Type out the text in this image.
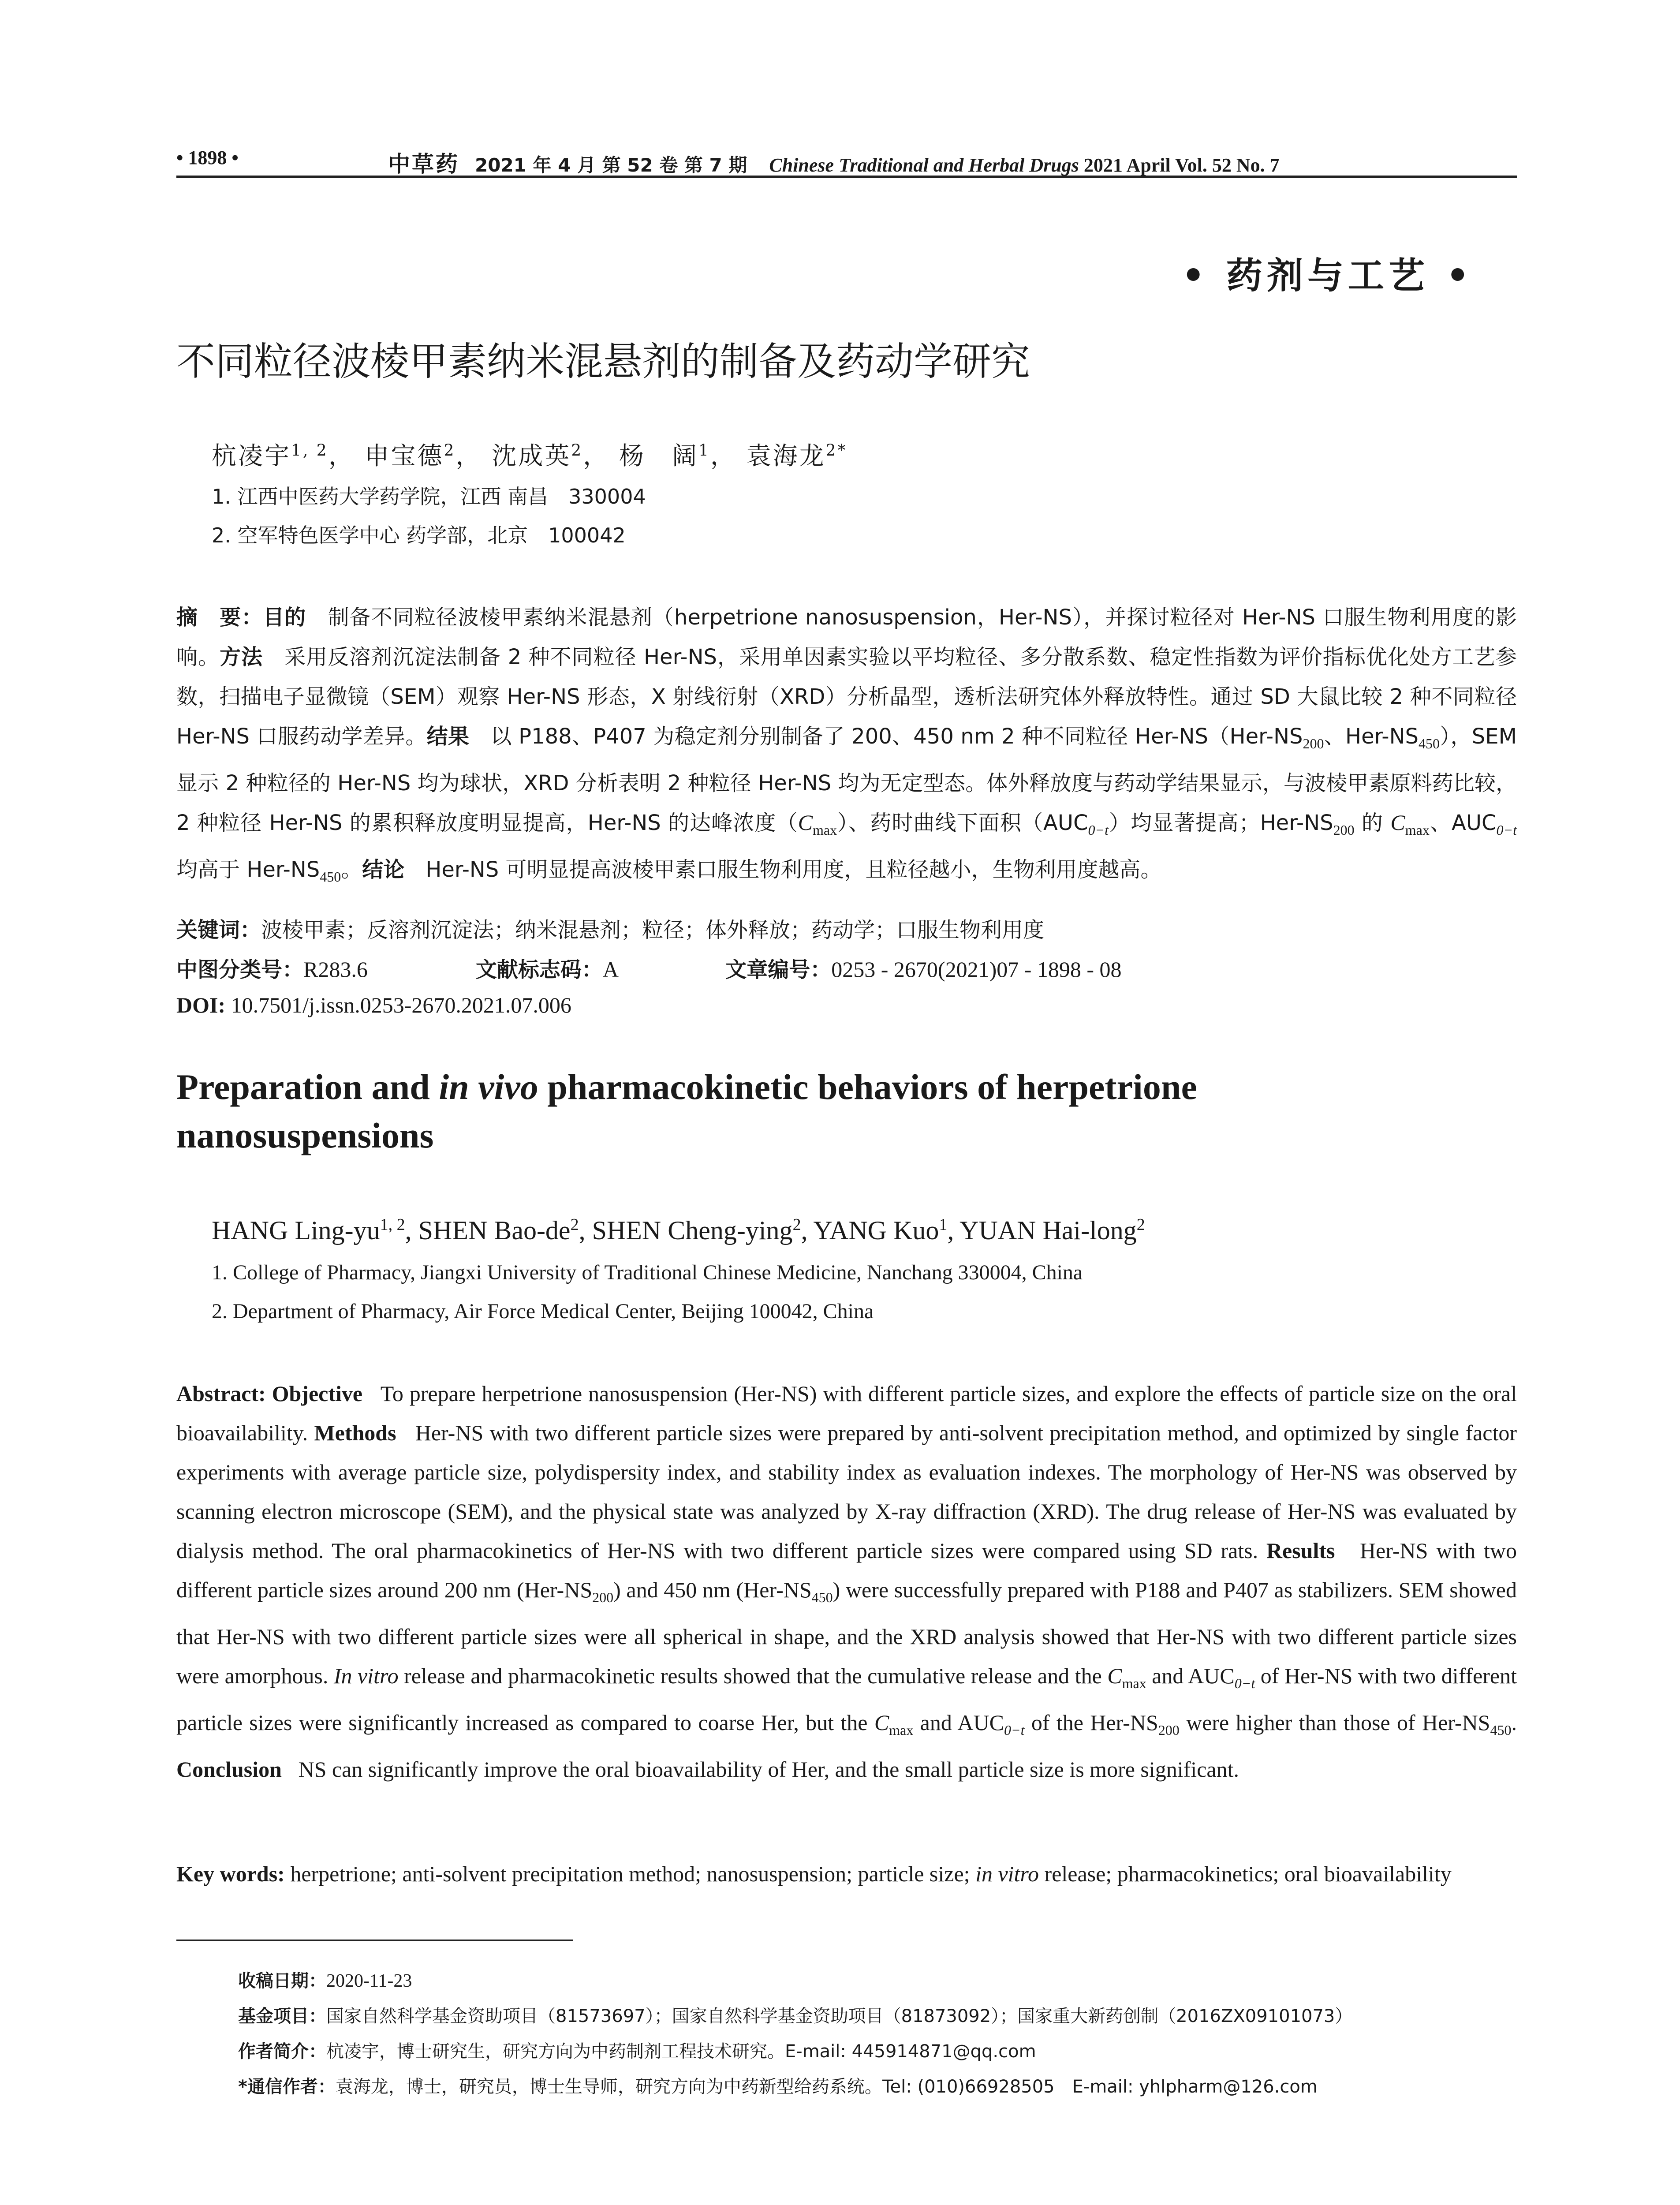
• 1898 •	中草药 2021 年 4 月 第 52 卷 第 7 期 Chinese Traditional and Herbal Drugs 2021 April Vol. 52 No. 7
• 药剂与工艺 •
不同粒径波棱甲素纳米混悬剂的制备及药动学研究
杭凌宇$^{1, 2}$， 申宝德$^2$， 沈成英$^2$， 杨　阔$^1$， 袁海龙$^{2*}$
1. 江西中医药大学药学院，江西 南昌　330004
2. 空军特色医学中心 药学部，北京　100042
摘　要：目的　制备不同粒径波棱甲素纳米混悬剂（herpetrione nanosuspension，Her-NS），并探讨粒径对 Her-NS 口服生物利用度的影响。方法　采用反溶剂沉淀法制备 2 种不同粒径 Her-NS，采用单因素实验以平均粒径、多分散系数、稳定性指数为评价指标优化处方工艺参数，扫描电子显微镜（SEM）观察 Her-NS 形态，X 射线衍射（XRD）分析晶型，透析法研究体外释放特性。通过 SD 大鼠比较 2 种不同粒径 Her-NS 口服药动学差异。结果　以 P188、P407 为稳定剂分别制备了 200、450 nm 2 种不同粒径 Her-$NS(Her-NS_{200}$、Her-$NS_{450}$），SEM 显示 2 种粒径的 Her-NS 均为球状，XRD 分析表明 2 种粒径 Her-NS 均为无定型态。体外释放度与药动学结果显示，与波棱甲素原料药比较，2 种粒径 Her-NS 的累积释放度明显提高，Her-NS 的达峰浓度$(C_{max})$、药时曲线下面积$(AUC_{0-t})$均显著提高；Her-$NS_{200}$ 的 $C_{max}$、$AUC_{0-t}$ 均高于 Her-$NS_{450}$。结论　Her-NS 可明显提高波棱甲素口服生物利用度，且粒径越小，生物利用度越高。
关键词：波棱甲素；反溶剂沉淀法；纳米混悬剂；粒径；体外释放；药动学；口服生物利用度
中图分类号：R283.6	文献标志码：A	文章编号：0253 - 2670(2021)07 - 1898 - 08
DOI: 10.7501/j.issn.0253-2670.2021.07.006
Preparation and in vivo pharmacokinetic behaviors of herpetrione
nanosuspensions
HANG Ling-yu$^{1, 2}$, SHEN Bao-$de^2$, SHEN Cheng-ying$^2$, YANG Kuo$^1$, YUAN Hai-long$^2$
1. College of Pharmacy, Jiangxi University of Traditional Chinese Medicine, Nanchang 330004, China
2. Department of Pharmacy, Air Force Medical Center, Beijing 100042, China
Abstract: Objective   To prepare herpetrione nanosuspension (Her-NS) with different particle sizes, and explore the effects of particle size on the oral bioavailability. Methods   Her-NS with two different particle sizes were prepared by anti-solvent precipitation method, and optimized by single factor experiments with average particle size, polydispersity index, and stability index as evaluation indexes. The morphology of Her-NS was observed by scanning electron microscope (SEM), and the physical state was analyzed by X-ray diffraction (XRD). The drug release of Her-NS was evaluated by dialysis method. The oral pharmacokinetics of Her-NS with two different particle sizes were compared using SD rats. Results   Her-NS with two different particle sizes around 200 nm $(Her-NS_{200})$ and 450 nm $(Her-NS_{450})$ were successfully prepared with P188 and P407 as stabilizers. SEM showed that Her-NS with two different particle sizes were all spherical in shape, and the XRD analysis showed that Her-NS with two different particle sizes were amorphous. In vitro release and pharmacokinetic results showed that the cumulative release and the $C_{max}$ and $AUC_{0-t}$ of Her-NS with two different particle sizes were significantly increased as compared to coarse Her, but the $C_{max}$ and $AUC_{0-t}$ of the Her-$NS_{200}$ were higher than those of Her-$NS_{450}$. Conclusion   NS can significantly improve the oral bioavailability of Her, and the small particle size is more significant.
Key words: herpetrione; anti-solvent precipitation method; nanosuspension; particle size; in vitro release; pharmacokinetics; oral bioavailability
收稿日期：2020-11-23
基金项目：国家自然科学基金资助项目（81573697）；国家自然科学基金资助项目（81873092）；国家重大新药创制（2016ZX09101073）
作者简介：杭凌宇，博士研究生，研究方向为中药制剂工程技术研究。E-mail: 445914871@qq.com
*通信作者：袁海龙，博士，研究员，博士生导师，研究方向为中药新型给药系统。Tel: (010)66928505　E-mail: yhlpharm@126.com
